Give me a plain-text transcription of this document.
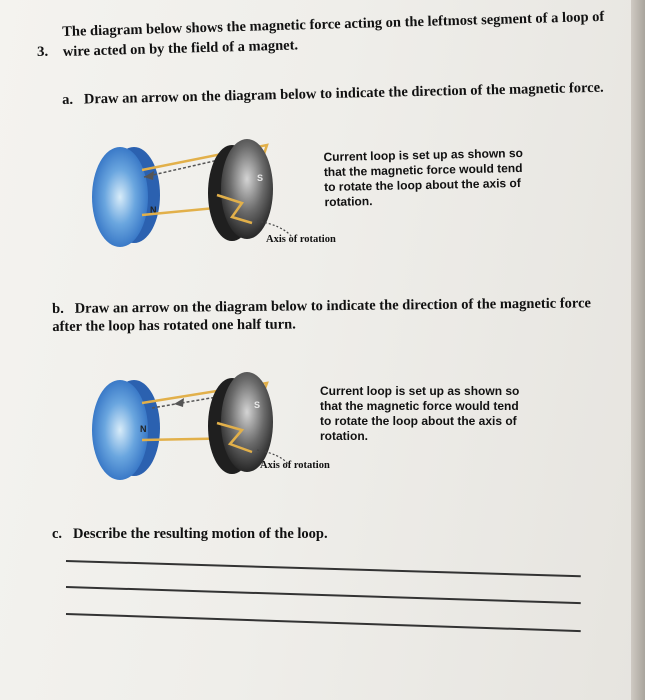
3.
The diagram below shows the magnetic force acting on the leftmost segment of a loop of wire acted on by the field of a magnet.
a. Draw an arrow on the diagram below to indicate the direction of the magnetic force.
N
S
Axis of rotation
Current loop is set up as shown so that the magnetic force would tend to rotate the loop about the axis of rotation.
b. Draw an arrow on the diagram below to indicate the direction of the magnetic force after the loop has rotated one half turn.
N
S
Axis of rotation
Current loop is set up as shown so that the magnetic force would tend to rotate the loop about the axis of rotation.
c. Describe the resulting motion of the loop.
